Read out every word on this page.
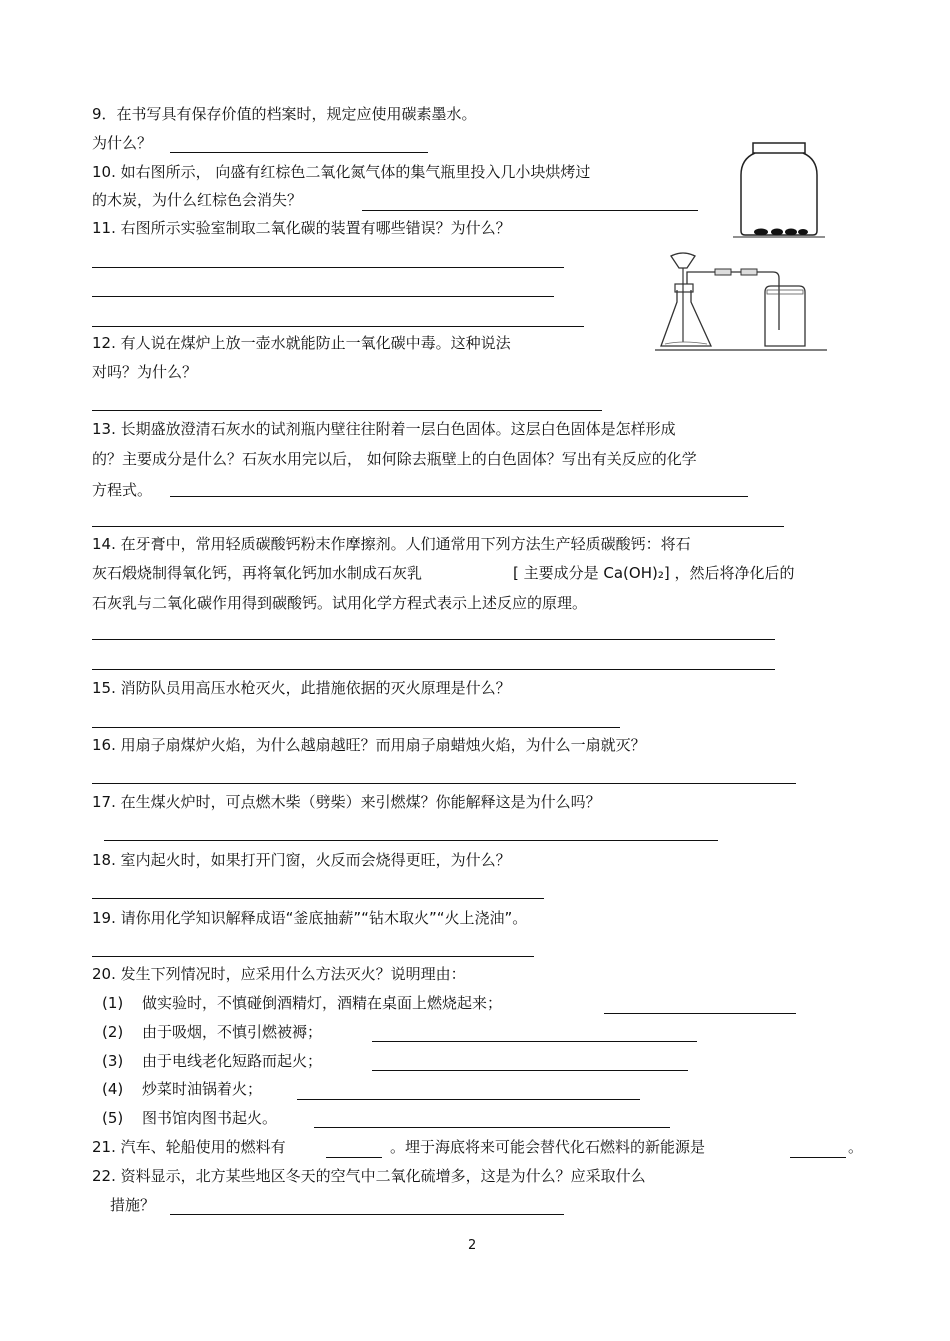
9．在书写具有保存价值的档案时，规定应使用碳素墨水。
为什么？
10. 如右图所示， 向盛有红棕色二氧化氮气体的集气瓶里投入几小块烘烤过
的木炭，为什么红棕色会消失？
11. 右图所示实验室制取二氧化碳的装置有哪些错误？为什么？
12. 有人说在煤炉上放一壶水就能防止一氧化碳中毒。这种说法
对吗？为什么？
13. 长期盛放澄清石灰水的试剂瓶内壁往往附着一层白色固体。这层白色固体是怎样形成
的？主要成分是什么？石灰水用完以后， 如何除去瓶壁上的白色固体？写出有关反应的化学
方程式。
14. 在牙膏中，常用轻质碳酸钙粉末作摩擦剂。人们通常用下列方法生产轻质碳酸钙：将石
灰石煅烧制得氧化钙，再将氧化钙加水制成石灰乳	[ 主要成分是 Ca(OH)₂] ，然后将净化后的
石灰乳与二氧化碳作用得到碳酸钙。试用化学方程式表示上述反应的原理。
15. 消防队员用高压水枪灭火，此措施依据的灭火原理是什么？
16. 用扇子扇煤炉火焰，为什么越扇越旺？而用扇子扇蜡烛火焰，为什么一扇就灭？
17. 在生煤火炉时，可点燃木柴（劈柴）来引燃煤？你能解释这是为什么吗？
18. 室内起火时，如果打开门窗，火反而会烧得更旺，为什么？
19. 请你用化学知识解释成语“釜底抽薪”“钻木取火”“火上浇油”。
20. 发生下列情况时，应采用什么方法灭火？说明理由：
(1) 做实验时，不慎碰倒酒精灯，酒精在桌面上燃烧起来；
(2) 由于吸烟，不慎引燃被褥；
(3) 由于电线老化短路而起火；
(4) 炒菜时油锅着火；
(5) 图书馆肉图书起火。
21. 汽车、轮船使用的燃料有	。埋于海底将来可能会替代化石燃料的新能源是	。
22. 资料显示，北方某些地区冬天的空气中二氧化硫增多，这是为什么？应采取什么
措施？
2
